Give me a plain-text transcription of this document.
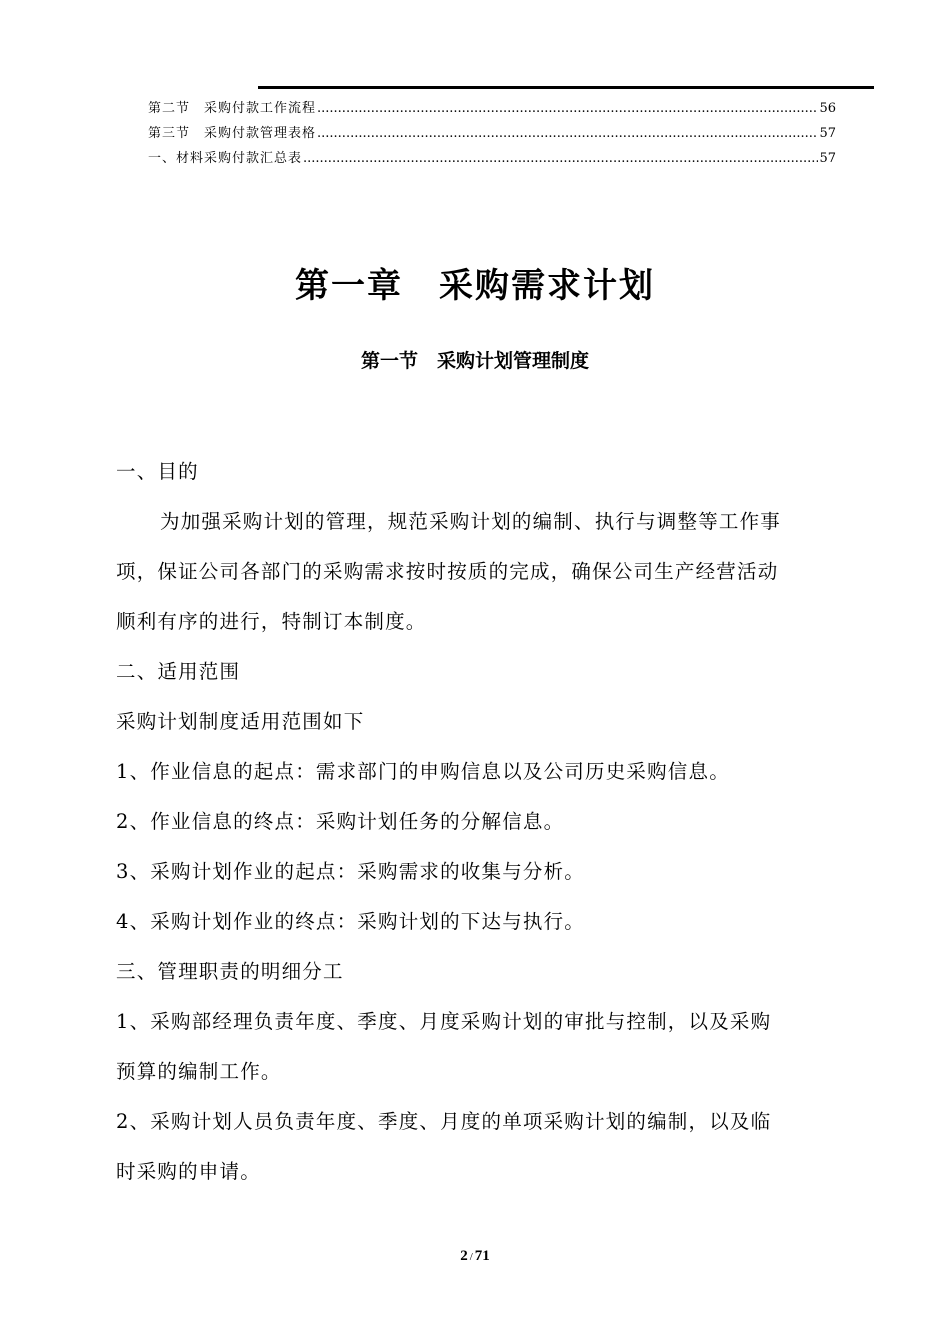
第二节　采购付款工作流程 .....	56
第三节　采购付款管理表格 .....	57
一、材料采购付款汇总表 .....	57
第一章　采购需求计划
第一节　采购计划管理制度
一、目的
为加强采购计划的管理，规范采购计划的编制、执行与调整等工作事
项，保证公司各部门的采购需求按时按质的完成，确保公司生产经营活动
顺利有序的进行，特制订本制度。
二、适用范围
采购计划制度适用范围如下
1、作业信息的起点：需求部门的申购信息以及公司历史采购信息。
2、作业信息的终点：采购计划任务的分解信息。
3、采购计划作业的起点：采购需求的收集与分析。
4、采购计划作业的终点：采购计划的下达与执行。
三、管理职责的明细分工
1、采购部经理负责年度、季度、月度采购计划的审批与控制，以及采购
预算的编制工作。
2、采购计划人员负责年度、季度、月度的单项采购计划的编制，以及临
时采购的申请。
2 / 71
